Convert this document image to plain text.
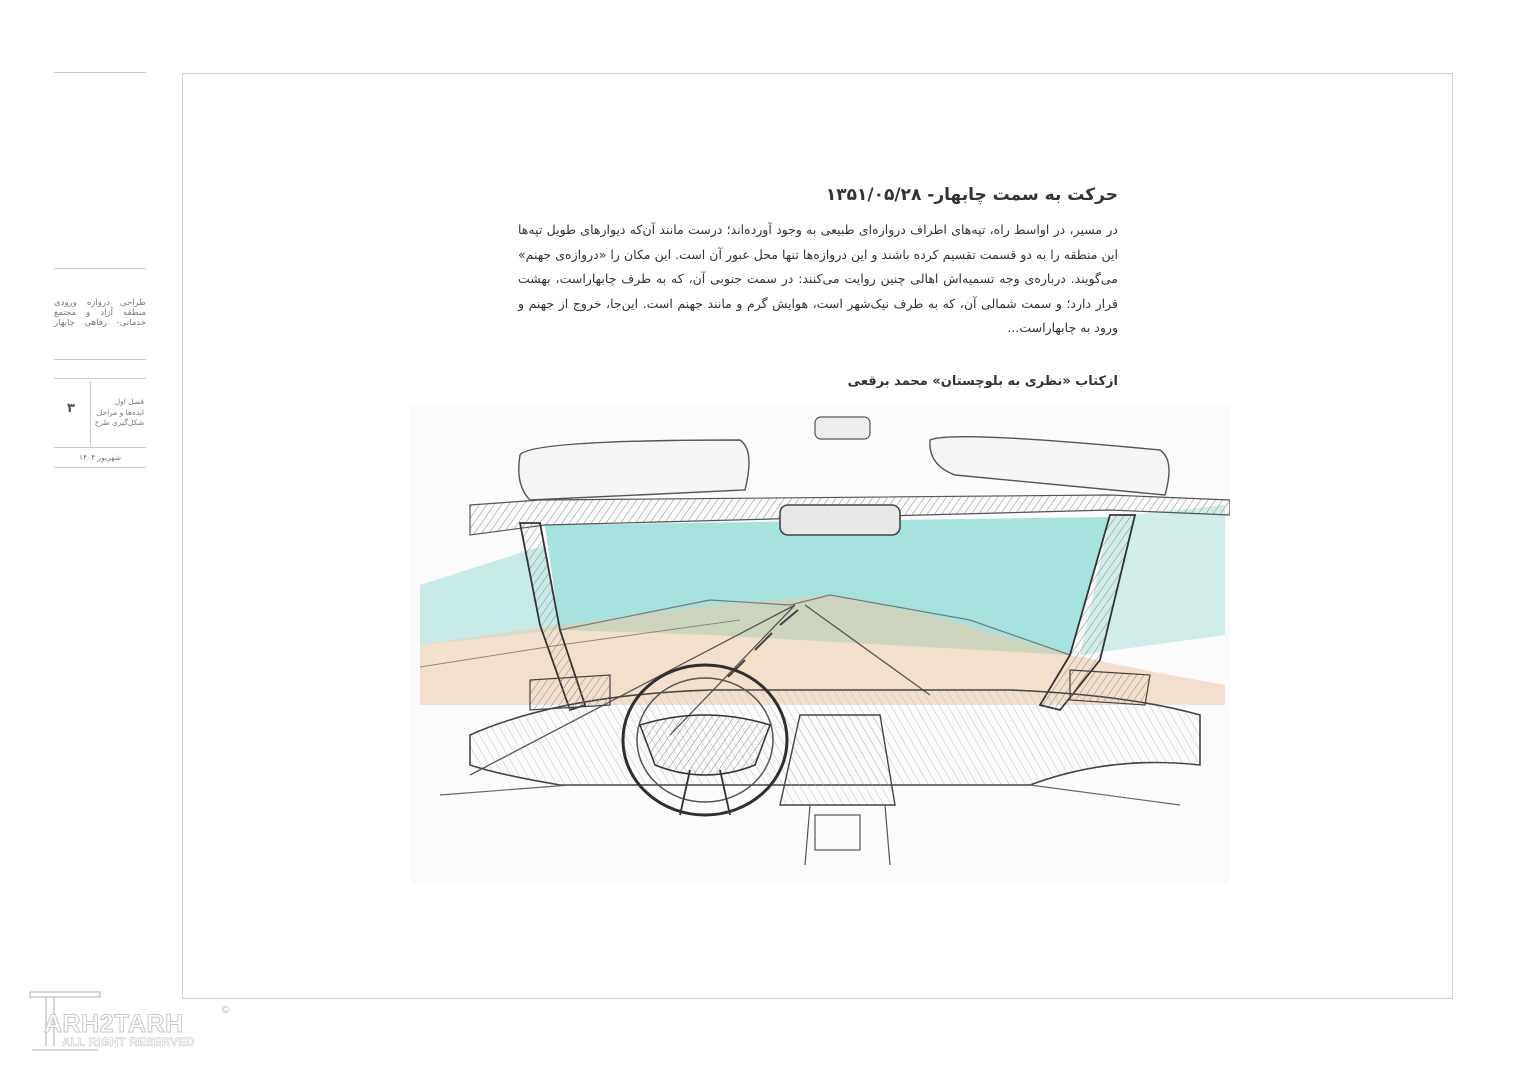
طراحی دروازه ورودی منطقه آزاد و مجتمع خدماتی- رفاهی چابهار
۳	فصل اول
ایده‌ها و مراحل
شکل‌گیری طرح
شهریور ۱۴۰۴
حرکت به سمت چابهار- ۱۳۵۱/۰۵/۲۸
در مسیر، در اواسط راه، تپه‌های اطراف دروازه‌ای طبیعی به وجود آورده‌اند؛ درست مانند آن‌که دیوارهای طویل تپه‌ها این منطقه را به دو قسمت تقسیم کرده باشند و این دروازه‌ها تنها محل عبور آن است. این مکان را «دروازه‌ی جهنم» می‌گویند. درباره‌ی وجه تسمیه‌اش اهالی چنین روایت می‌کنند: در سمت جنوبی آن، که به طرف چابهاراست، بهشت قرار دارد؛ و سمت شمالی آن، که به طرف نیک‌شهر است، هوایش گرم و مانند جهنم است. این‌جا، خروج از جهنم و ورود به چابهاراست...
ازکتاب «نظری به بلوچستان» محمد برقعی
ARH2TARH
ALL RIGHT RESERVED
©
